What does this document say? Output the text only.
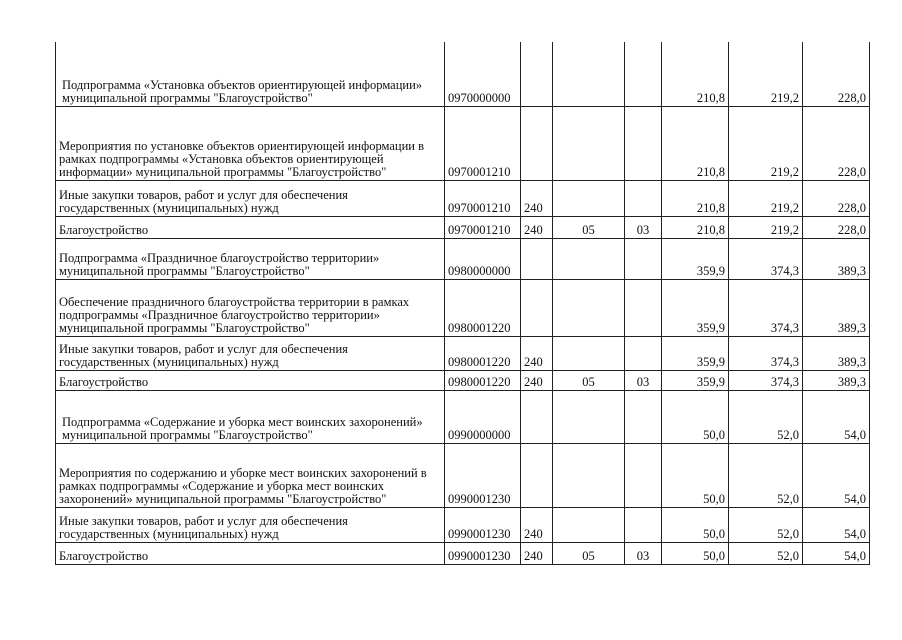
Подпрограмма «Установка объектов ориентирующей информации» муниципальной программы "Благоустройство"	0970000000				210,8	219,2	228,0
Мероприятия по установке объектов ориентирующей информации в рамках подпрограммы «Установка объектов ориентирующей информации» муниципальной программы "Благоустройство"	0970001210				210,8	219,2	228,0
Иные закупки товаров, работ и услуг для обеспечения государственных (муниципальных) нужд	0970001210	240			210,8	219,2	228,0
Благоустройство	0970001210	240	05	03	210,8	219,2	228,0
Подпрограмма «Праздничное благоустройство территории» муниципальной программы "Благоустройство"	0980000000				359,9	374,3	389,3
Обеспечение праздничного благоустройства территории в рамках подпрограммы «Праздничное благоустройство территории» муниципальной программы "Благоустройство"	0980001220				359,9	374,3	389,3
Иные закупки товаров, работ и услуг для обеспечения государственных (муниципальных) нужд	0980001220	240			359,9	374,3	389,3
Благоустройство	0980001220	240	05	03	359,9	374,3	389,3
Подпрограмма «Содержание и уборка мест воинских захоронений» муниципальной программы "Благоустройство"	0990000000				50,0	52,0	54,0
Мероприятия по содержанию и уборке мест воинских захоронений в рамках подпрограммы «Содержание и уборка мест воинских захоронений» муниципальной программы "Благоустройство"	0990001230				50,0	52,0	54,0
Иные закупки товаров, работ и услуг для обеспечения государственных (муниципальных) нужд	0990001230	240			50,0	52,0	54,0
Благоустройство	0990001230	240	05	03	50,0	52,0	54,0
